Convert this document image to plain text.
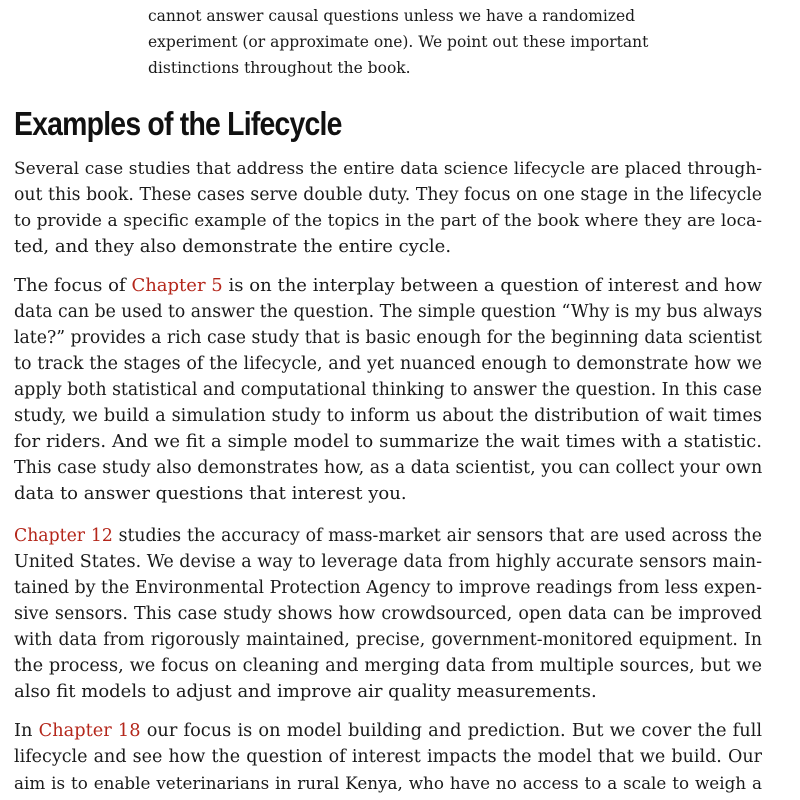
cannot answer causal questions unless we have a randomized
experiment (or approximate one). We point out these important
distinctions throughout the book.
Examples of the Lifecycle
Several case studies that address the entire data science lifecycle are placed through-
out this book. These cases serve double duty. They focus on one stage in the lifecycle
to provide a specific example of the topics in the part of the book where they are loca-
ted, and they also demonstrate the entire cycle.
The focus of Chapter 5 is on the interplay between a question of interest and how
data can be used to answer the question. The simple question “Why is my bus always
late?” provides a rich case study that is basic enough for the beginning data scientist
to track the stages of the lifecycle, and yet nuanced enough to demonstrate how we
apply both statistical and computational thinking to answer the question. In this case
study, we build a simulation study to inform us about the distribution of wait times
for riders. And we fit a simple model to summarize the wait times with a statistic.
This case study also demonstrates how, as a data scientist, you can collect your own
data to answer questions that interest you.
Chapter 12 studies the accuracy of mass-market air sensors that are used across the
United States. We devise a way to leverage data from highly accurate sensors main-
tained by the Environmental Protection Agency to improve readings from less expen-
sive sensors. This case study shows how crowdsourced, open data can be improved
with data from rigorously maintained, precise, government-monitored equipment. In
the process, we focus on cleaning and merging data from multiple sources, but we
also fit models to adjust and improve air quality measurements.
In Chapter 18 our focus is on model building and prediction. But we cover the full
lifecycle and see how the question of interest impacts the model that we build. Our
aim is to enable veterinarians in rural Kenya, who have no access to a scale to weigh a
